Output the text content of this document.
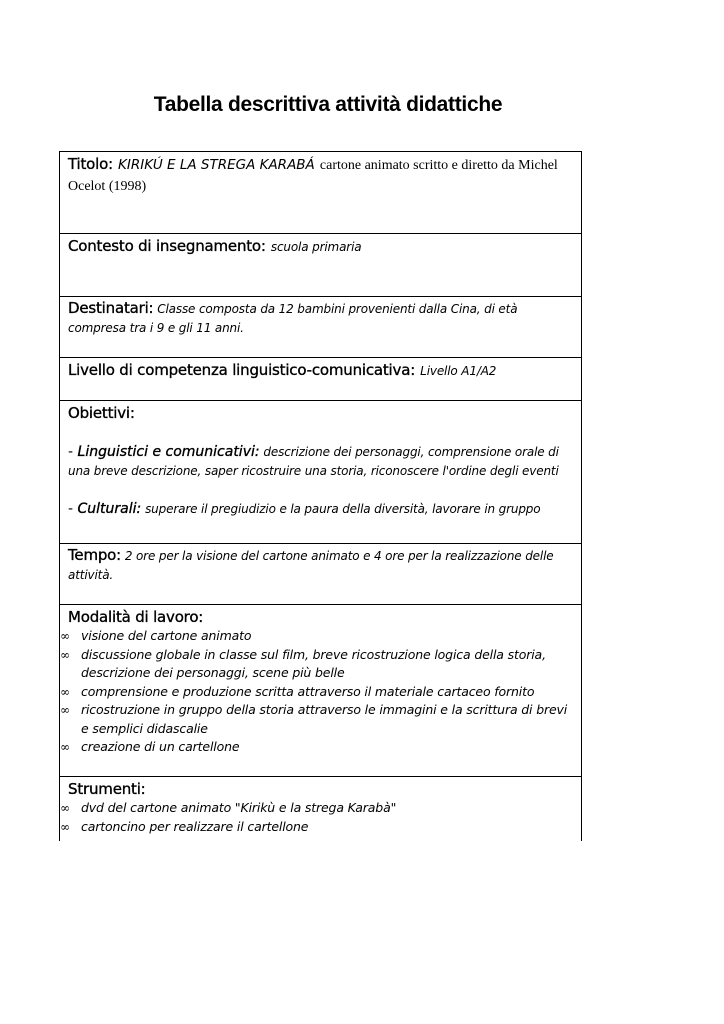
Tabella descrittiva attività didattiche
Titolo: KIRIKÚ E LA STREGA KARABÁ cartone animato scritto e diretto da Michel Ocelot (1998)
Contesto di insegnamento: scuola primaria
Destinatari: Classe composta da 12 bambini provenienti dalla Cina, di età compresa tra i 9 e gli 11 anni.
Livello di competenza linguistico-comunicativa: Livello A1/A2
Obiettivi:
- Linguistici e comunicativi: descrizione dei personaggi, comprensione orale di una breve descrizione, saper ricostruire una storia, riconoscere l'ordine degli eventi
- Culturali: superare il pregiudizio e la paura della diversità, lavorare in gruppo
Tempo: 2 ore per la visione del cartone animato e 4 ore per la realizzazione delle attività.
Modalità di lavoro:
∞ visione del cartone animato
∞ discussione globale in classe sul film, breve ricostruzione logica della storia, descrizione dei personaggi, scene più belle
∞ comprensione e produzione scritta attraverso il materiale cartaceo fornito
∞ ricostruzione in gruppo della storia attraverso le immagini e la scrittura di brevi e semplici didascalie
∞ creazione di un cartellone
Strumenti:
∞ dvd del cartone animato "Kirikù e la strega Karabà"
∞ cartoncino per realizzare il cartellone
